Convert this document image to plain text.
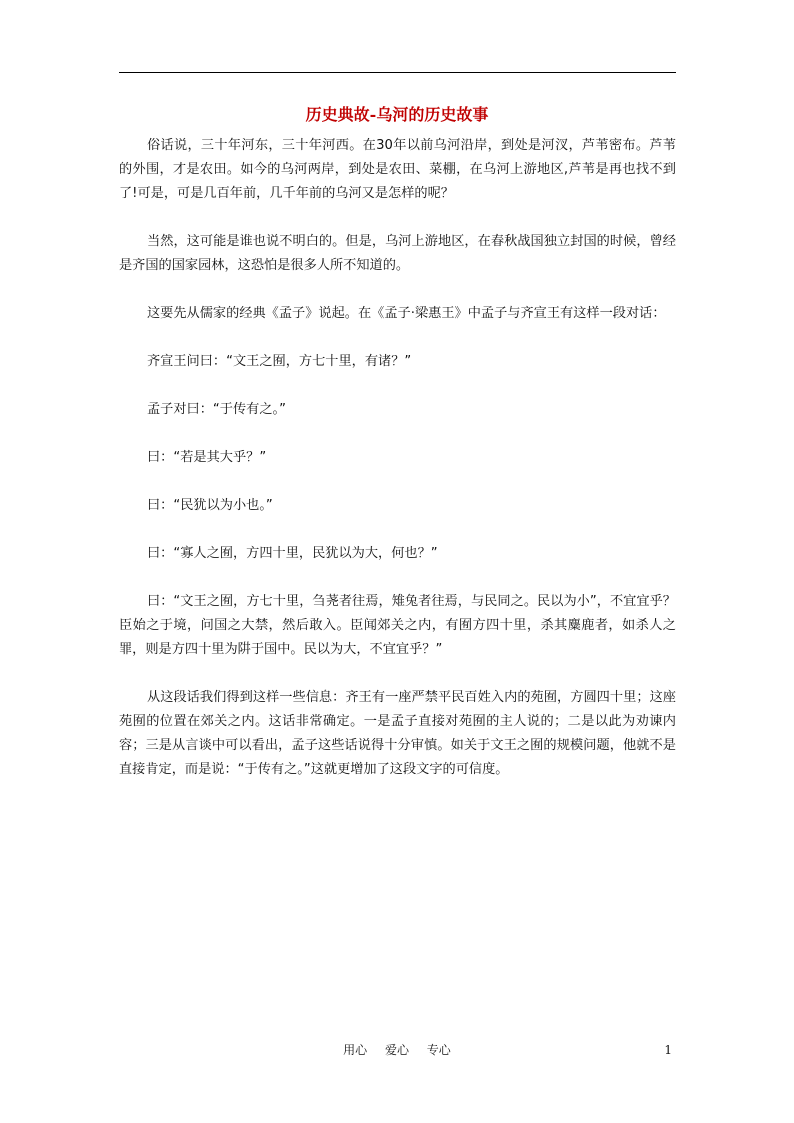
历史典故-乌河的历史故事

俗话说，三十年河东，三十年河西。在30年以前乌河沿岸，到处是河汊，芦苇密布。芦苇的外围，才是农田。如今的乌河两岸，到处是农田、菜棚，在乌河上游地区,芦苇是再也找不到了!可是，可是几百年前，几千年前的乌河又是怎样的呢？

当然，这可能是谁也说不明白的。但是，乌河上游地区，在春秋战国独立封国的时候，曾经是齐国的国家园林，这恐怕是很多人所不知道的。

这要先从儒家的经典《孟子》说起。在《孟子·梁惠王》中孟子与齐宣王有这样一段对话：

齐宣王问曰：“文王之囿，方七十里，有诸？”

孟子对曰：“于传有之。”

曰：“若是其大乎？”

曰：“民犹以为小也。”

曰：“寡人之囿，方四十里，民犹以为大，何也？”

曰：“文王之囿，方七十里，刍荛者往焉，雉兔者往焉，与民同之。民以为小”，不宜宜乎？臣始之于境，问国之大禁，然后敢入。臣闻郊关之内，有囿方四十里，杀其麋鹿者，如杀人之罪，则是方四十里为阱于国中。民以为大，不宜宜乎？”

从这段话我们得到这样一些信息：齐王有一座严禁平民百姓入内的苑囿，方圆四十里；这座苑囿的位置在郊关之内。这话非常确定。一是孟子直接对苑囿的主人说的；二是以此为劝谏内容；三是从言谈中可以看出，孟子这些话说得十分审慎。如关于文王之囿的规模问题，他就不是直接肯定，而是说：“于传有之。”这就更增加了这段文字的可信度。

用心 爱心 专心	1
